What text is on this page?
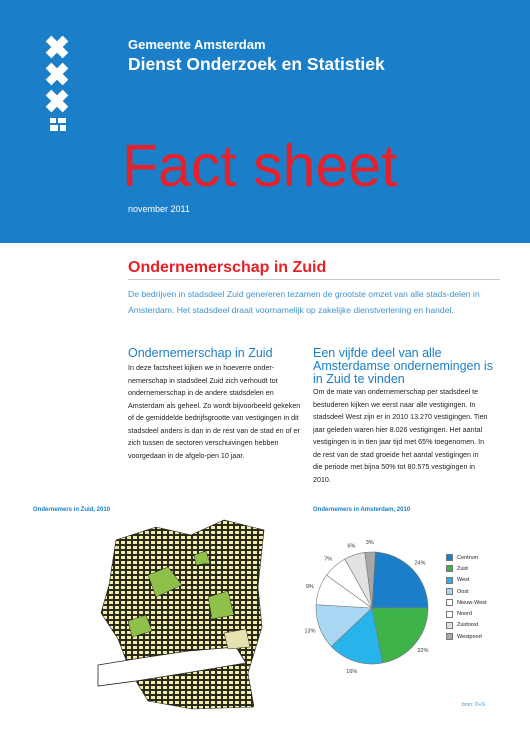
Gemeente Amsterdam
Dienst Onderzoek en Statistiek
Fact sheet
november 2011
Ondernemerschap in Zuid
De bedrijven in stadsdeel Zuid genereren tezamen de grootste omzet van alle stads-delen in Amsterdam. Het stadsdeel draait voornamelijk op zakelijke dienstverlening en handel.
Ondernemerschap in Zuid
In deze factsheet kijken we in hoeverre onder-nemerschap in stadsdeel Zuid zich verhoudt tot ondernemerschap in de andere stadsdelen en Amsterdam als geheel. Zo wordt bijvoorbeeld gekeken of de gemiddelde bedrijfsgrootte van vestigingen in dit stadsdeel anders is dan in de rest van de stad en of er zich tussen de sectoren verschuivingen hebben voorgedaan in de afgelo-pen 10 jaar.
Een vijfde deel van alle Amsterdamse ondernemingen is in Zuid te vinden
Om de mate van ondernemerschap per stadsdeel te bestuderen kijken we eerst naar alle vestigingen. In stadsdeel West zijn er in 2010 13.270 vestigingen. Tien jaar geleden waren hier 8.026 vestigingen. Het aantal vestigingen is in tien jaar tijd met 65% toegenomen. In de rest van de stad groeide het aantal vestigingen in die periode met bijna 50% tot 80.575 vestigingen in 2010.
Ondernemers in Zuid, 2010	Ondernemers in Amsterdam, 2010
24%
22%
16%
13%
9%
7%
6%
3%
Centrum
Zuid
West
Oost
Nieuw-West
Noord
Zuidoost
Westpoort
bron: O+S
